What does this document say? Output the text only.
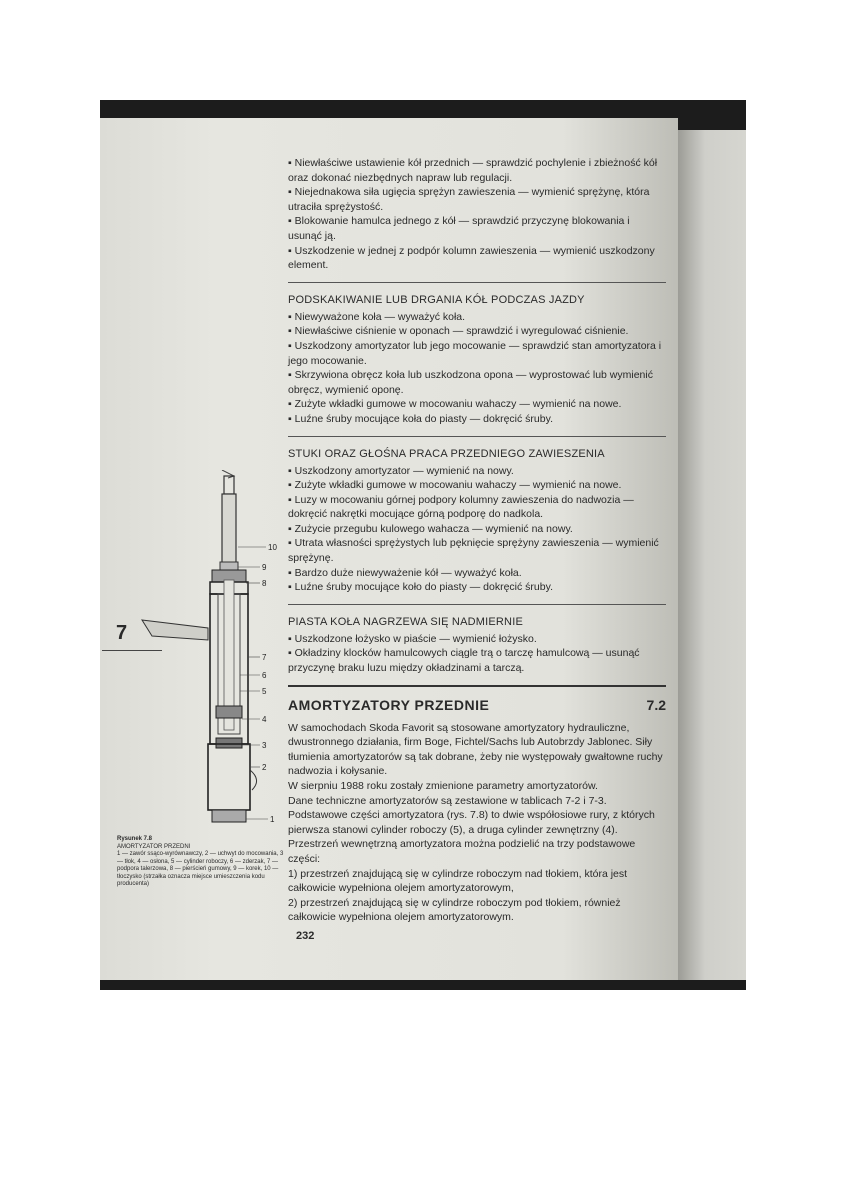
7

▪ Niewłaściwe ustawienie kół przednich — sprawdzić pochylenie i zbieżność kół oraz dokonać niezbędnych napraw lub regulacji.

▪ Niejednakowa siła ugięcia sprężyn zawieszenia — wymienić sprężynę, która utraciła sprężystość.

▪ Blokowanie hamulca jednego z kół — sprawdzić przyczynę blokowania i usunąć ją.

▪ Uszkodzenie w jednej z podpór kolumn zawieszenia — wymienić uszkodzony element.

PODSKAKIWANIE LUB DRGANIA KÓŁ PODCZAS JAZDY

▪ Niewyważone koła — wyważyć koła.

▪ Niewłaściwe ciśnienie w oponach — sprawdzić i wyregulować ciśnienie.

▪ Uszkodzony amortyzator lub jego mocowanie — sprawdzić stan amortyzatora i jego mocowanie.

▪ Skrzywiona obręcz koła lub uszkodzona opona — wyprostować lub wymienić obręcz, wymienić oponę.

▪ Zużyte wkładki gumowe w mocowaniu wahaczy — wymienić na nowe.

▪ Luźne śruby mocujące koła do piasty — dokręcić śruby.

STUKI ORAZ GŁOŚNA PRACA PRZEDNIEGO ZAWIESZENIA

▪ Uszkodzony amortyzator — wymienić na nowy.

▪ Zużyte wkładki gumowe w mocowaniu wahaczy — wymienić na nowe.

▪ Luzy w mocowaniu górnej podpory kolumny zawieszenia do nadwozia — dokręcić nakrętki mocujące górną podporę do nadkola.

▪ Zużycie przegubu kulowego wahacza — wymienić na nowy.

▪ Utrata własności sprężystych lub pęknięcie sprężyny zawieszenia — wymienić sprężynę.

▪ Bardzo duże niewyważenie kół — wyważyć koła.

▪ Luźne śruby mocujące koło do piasty — dokręcić śruby.

PIASTA KOŁA NAGRZEWA SIĘ NADMIERNIE

▪ Uszkodzone łożysko w piaście — wymienić łożysko.

▪ Okładziny klocków hamulcowych ciągle trą o tarczę hamulcową — usunąć przyczynę braku luzu między okładzinami a tarczą.

AMORTYZATORY PRZEDNIE	7.2

W samochodach Skoda Favorit są stosowane amortyzatory hydrauliczne, dwustronnego działania, firm Boge, Fichtel/Sachs lub Autobrzdy Jablonec. Siły tłumienia amortyzatorów są tak dobrane, żeby nie występowały gwałtowne ruchy nadwozia i kołysanie.

W sierpniu 1988 roku zostały zmienione parametry amortyzatorów.

Dane techniczne amortyzatorów są zestawione w tablicach 7-2 i 7-3.

Podstawowe części amortyzatora (rys. 7.8) to dwie współosiowe rury, z których pierwsza stanowi cylinder roboczy (5), a druga cylinder zewnętrzny (4). Przestrzeń wewnętrzną amortyzatora można podzielić na trzy podstawowe części:

1) przestrzeń znajdującą się w cylindrze roboczym nad tłokiem, która jest całkowicie wypełniona olejem amortyzatorowym,

2) przestrzeń znajdującą się w cylindrze roboczym pod tłokiem, również całkowicie wypełniona olejem amortyzatorowym.

10
9
8
7
6
5
4
3
2
1
Rysunek 7.8
AMORTYZATOR PRZEDNI
1 — zawór ssąco-wyrównawczy, 2 — uchwyt do mocowania, 3 — tłok, 4 — osłona, 5 — cylinder roboczy, 6 — zderzak, 7 — podpora talerzowa, 8 — pierścień gumowy, 9 — korek, 10 — tłoczysko (strzałka oznacza miejsce umieszczenia kodu producenta)
232
